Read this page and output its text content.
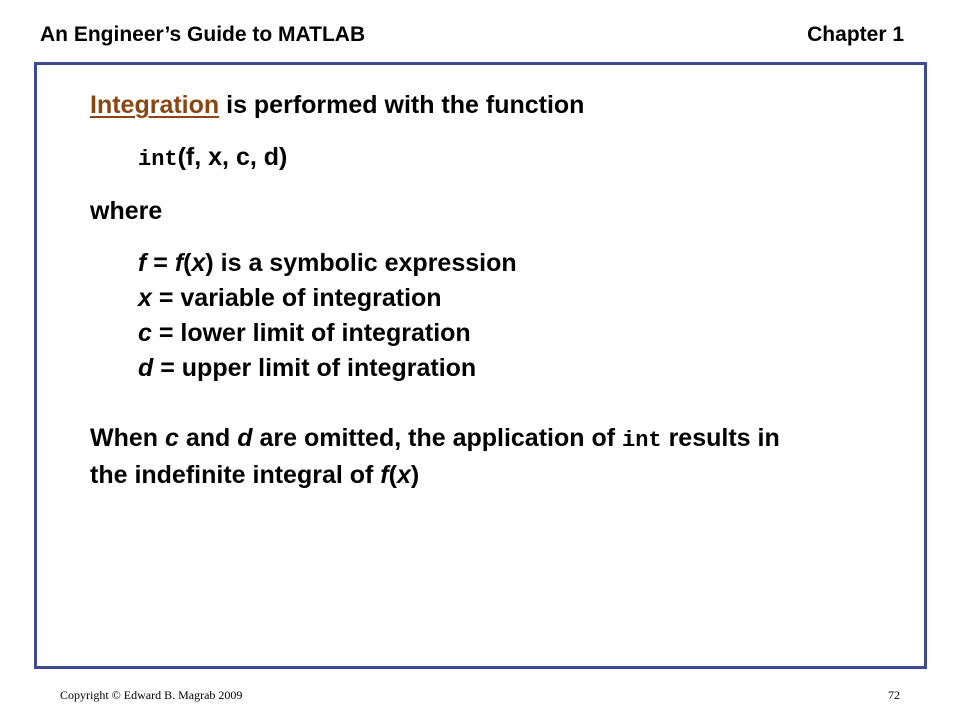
An Engineer’s Guide to MATLAB	Chapter 1
Integration is performed with the function
int(f, x, c, d)
where
f = f(x) is a symbolic expression
x = variable of integration
c = lower limit of integration
d = upper limit of integration
When c and d are omitted, the application of int results in
the indefinite integral of f(x)
Copyright © Edward B. Magrab 2009	72
